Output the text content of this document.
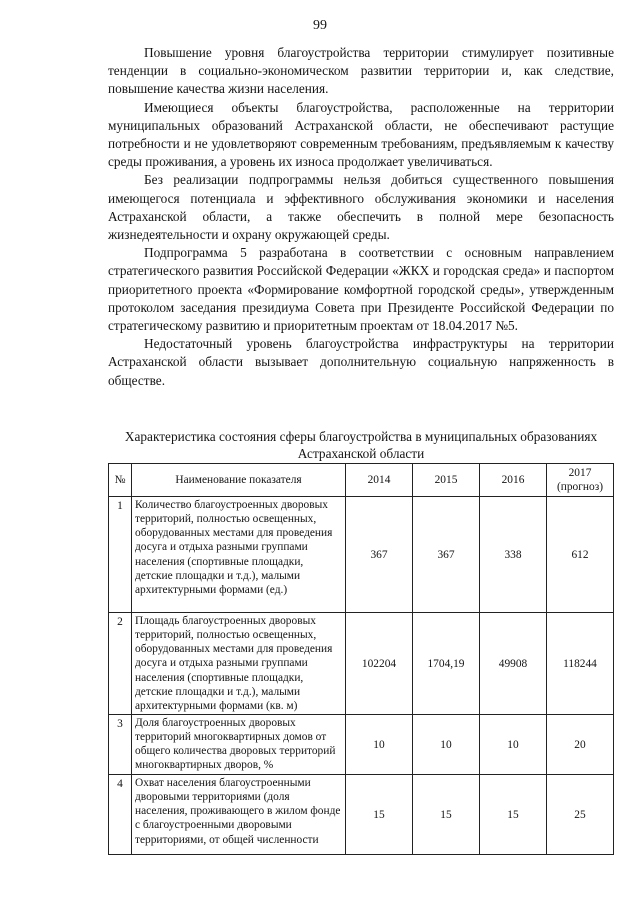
99

Повышение уровня благоустройства территории стимулирует позитивные тенденции в социально-экономическом развитии территории и, как следствие, повышение качества жизни населения.

Имеющиеся объекты благоустройства, расположенные на территории муниципальных образований Астраханской области, не обеспечивают растущие потребности и не удовлетворяют современным требованиям, предъявляемым к качеству среды проживания, а уровень их износа продолжает увеличиваться.

Без реализации подпрограммы нельзя добиться существенного повышения имеющегося потенциала и эффективного обслуживания экономики и населения Астраханской области, а также обеспечить в полной мере безопасность жизнедеятельности и охрану окружающей среды.

Подпрограмма 5 разработана в соответствии с основным направлением стратегического развития Российской Федерации «ЖКХ и городская среда» и паспортом приоритетного проекта «Формирование комфортной городской среды», утвержденным протоколом заседания президиума Совета при Президенте Российской Федерации по стратегическому развитию и приоритетным проектам от 18.04.2017 №5.

Недостаточный уровень благоустройства инфраструктуры на территории Астраханской области вызывает дополнительную социальную напряженность в обществе.

Характеристика состояния сферы благоустройства в муниципальных образованиях Астраханской области
№	Наименование показателя	2014	2015	2016	2017 (прогноз)
1	Количество благоустроенных дворовых территорий, полностью освещенных, оборудованных местами для проведения досуга и отдыха разными группами населения (спортивные площадки, детские площадки и т.д.), малыми архитектурными формами (ед.)	367	367	338	612
2	Площадь благоустроенных дворовых территорий, полностью освещенных, оборудованных местами для проведения досуга и отдыха разными группами населения (спортивные площадки, детские площадки и т.д.), малыми архитектурными формами (кв. м)	102204	1704,19	49908	118244
3	Доля благоустроенных дворовых территорий многоквартирных домов от общего количества дворовых территорий многоквартирных дворов, %	10	10	10	20
4	Охват населения благоустроенными дворовыми территориями (доля населения, проживающего в жилом фонде с благоустроенными дворовыми территориями, от общей численности	15	15	15	25
